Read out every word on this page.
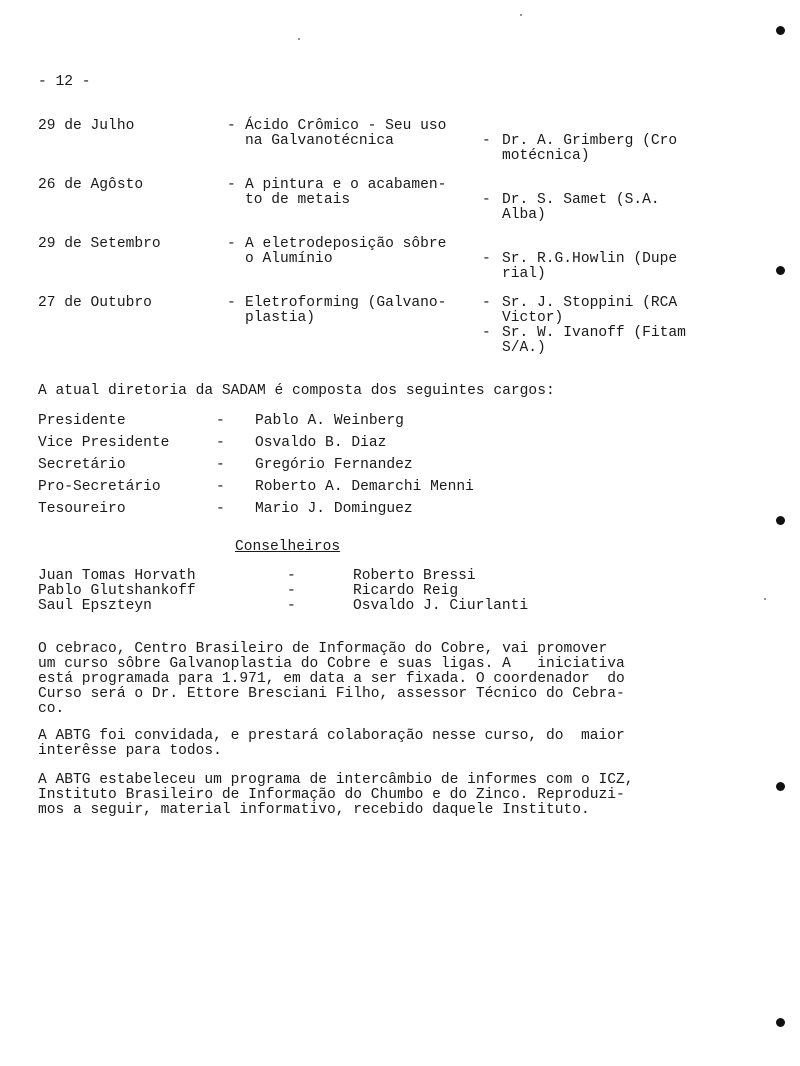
- 12 -
29 de Julho	- Ácido Crômico - Seu uso
na Galvanotécnica	- Dr. A. Grimberg (Cro
motécnica)
26 de Agôsto	- A pintura e o acabamen-
to de metais	- Dr. S. Samet (S.A.
Alba)
29 de Setembro	- A eletrodeposição sôbre
o Alumínio	- Sr. R.G.Howlin (Dupe
rial)
27 de Outubro	- Eletroforming (Galvano-
plastia)
- Sr. J. Stoppini (RCA
Victor)
- Sr. W. Ivanoff (Fitam
S/A.)
A atual diretoria da SADAM é composta dos seguintes cargos:
Presidente	- Pablo A. Weinberg
Vice Presidente	- Osvaldo B. Diaz
Secretário	- Gregório Fernandez
Pro-Secretário	- Roberto A. Demarchi Menni
Tesoureiro	- Mario J. Dominguez
Conselheiros
Juan Tomas Horvath	-	Roberto Bressi
Pablo Glutshankoff	-	Ricardo Reig
Saul Epszteyn	-	Osvaldo J. Ciurlanti
O cebraco, Centro Brasileiro de Informação do Cobre, vai promover
um curso sôbre Galvanoplastia do Cobre e suas ligas. A   iniciativa
está programada para 1.971, em data a ser fixada. O coordenador  do
Curso será o Dr. Ettore Bresciani Filho, assessor Técnico do Cebra-
co.
A ABTG foi convidada, e prestará colaboração nesse curso, do  maior
interêsse para todos.
A ABTG estabeleceu um programa de intercâmbio de informes com o ICZ,
Instituto Brasileiro de Informação do Chumbo e do Zinco. Reproduzi-
mos a seguir, material informativo, recebido daquele Instituto.
